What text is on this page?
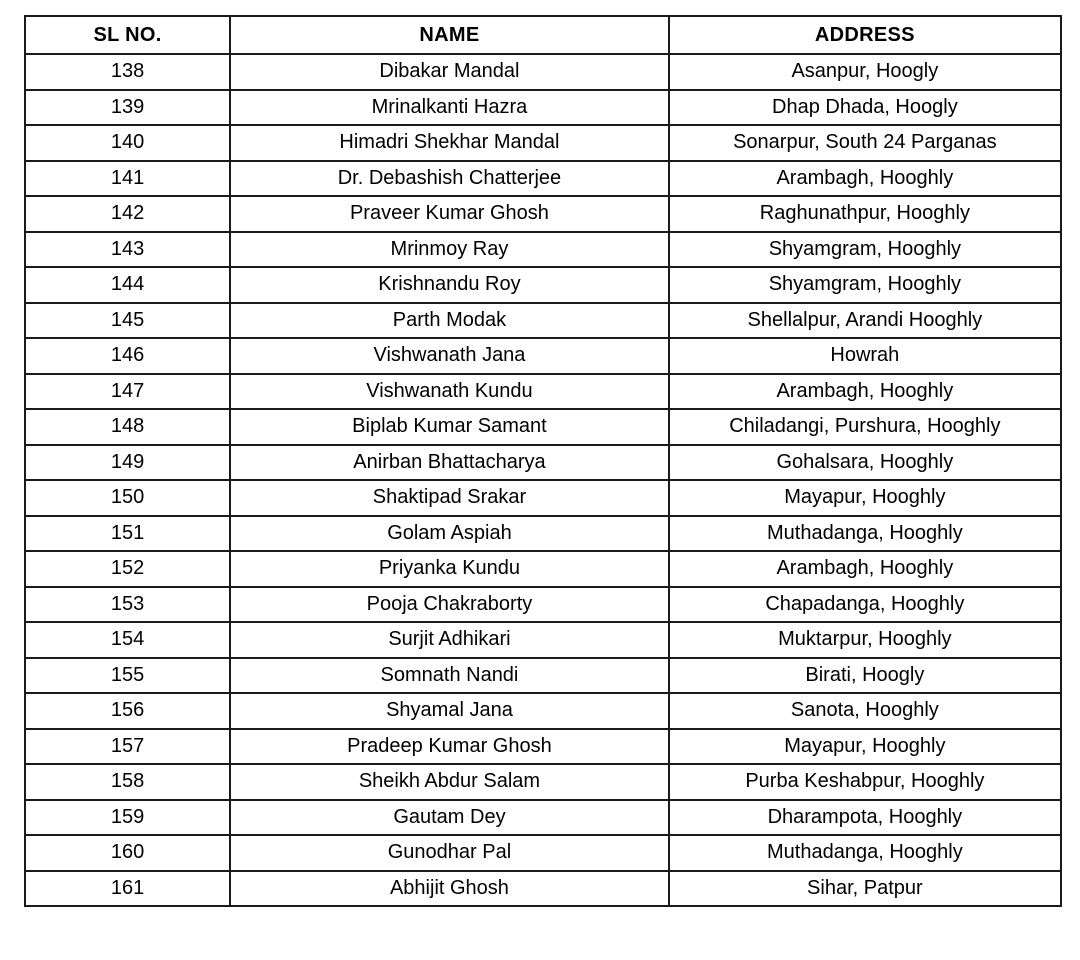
SL NO.	NAME	ADDRESS
138	Dibakar Mandal	Asanpur, Hoogly
139	Mrinalkanti Hazra	Dhap Dhada, Hoogly
140	Himadri Shekhar Mandal	Sonarpur, South 24 Parganas
141	Dr. Debashish Chatterjee	Arambagh, Hooghly
142	Praveer Kumar Ghosh	Raghunathpur, Hooghly
143	Mrinmoy Ray	Shyamgram, Hooghly
144	Krishnandu Roy	Shyamgram, Hooghly
145	Parth Modak	Shellalpur, Arandi Hooghly
146	Vishwanath Jana	Howrah
147	Vishwanath Kundu	Arambagh, Hooghly
148	Biplab Kumar Samant	Chiladangi, Purshura, Hooghly
149	Anirban Bhattacharya	Gohalsara, Hooghly
150	Shaktipad Srakar	Mayapur, Hooghly
151	Golam Aspiah	Muthadanga, Hooghly
152	Priyanka Kundu	Arambagh, Hooghly
153	Pooja Chakraborty	Chapadanga, Hooghly
154	Surjit Adhikari	Muktarpur, Hooghly
155	Somnath Nandi	Birati, Hoogly
156	Shyamal Jana	Sanota, Hooghly
157	Pradeep Kumar Ghosh	Mayapur, Hooghly
158	Sheikh Abdur Salam	Purba Keshabpur, Hooghly
159	Gautam Dey	Dharampota, Hooghly
160	Gunodhar Pal	Muthadanga, Hooghly
161	Abhijit Ghosh	Sihar, Patpur
